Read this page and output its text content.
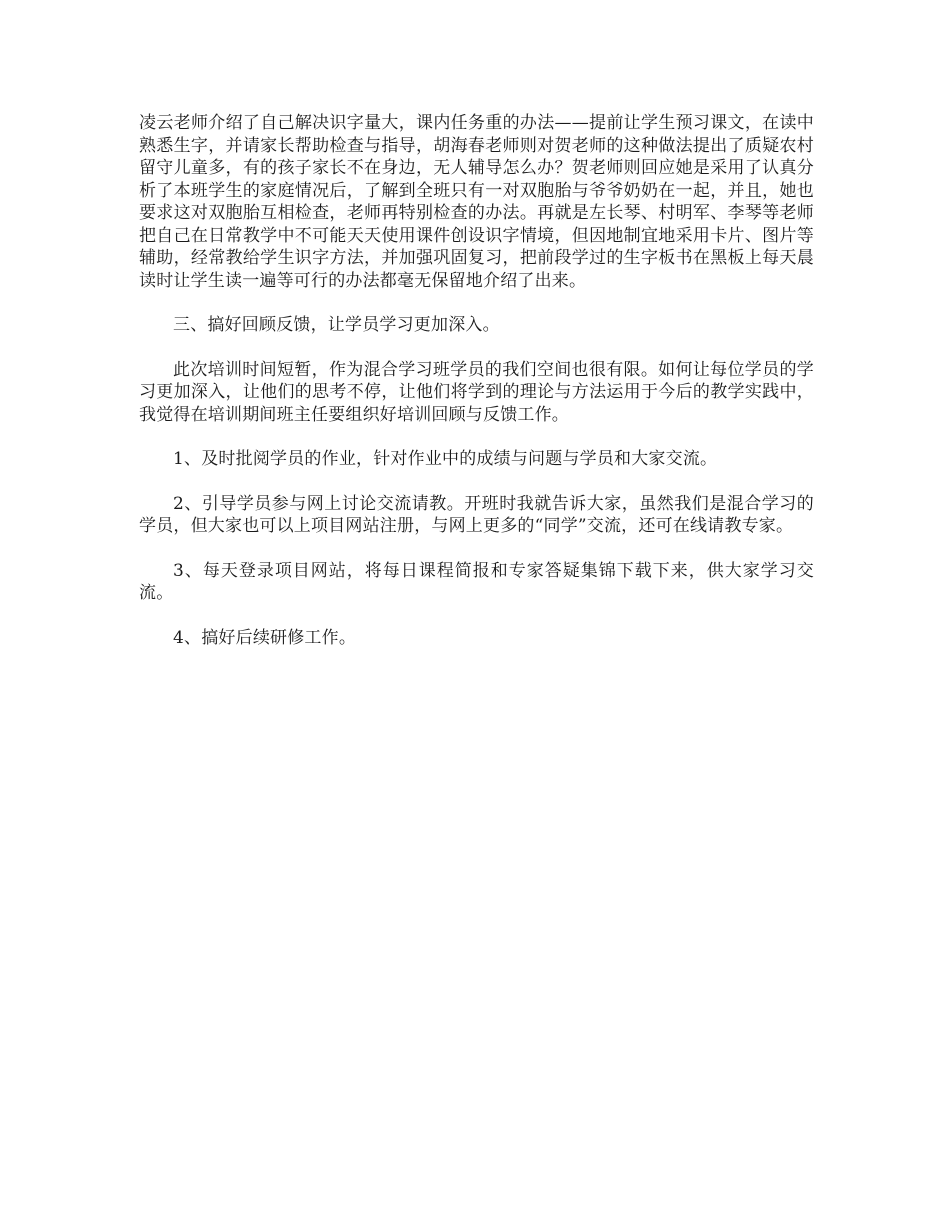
凌云老师介绍了自己解决识字量大，课内任务重的办法——提前让学生预习课文，在读中熟悉生字，并请家长帮助检查与指导，胡海春老师则对贺老师的这种做法提出了质疑农村留守儿童多，有的孩子家长不在身边，无人辅导怎么办？贺老师则回应她是采用了认真分析了本班学生的家庭情况后，了解到全班只有一对双胞胎与爷爷奶奶在一起，并且，她也要求这对双胞胎互相检查，老师再特别检查的办法。再就是左长琴、村明军、李琴等老师把自己在日常教学中不可能天天使用课件创设识字情境，但因地制宜地采用卡片、图片等辅助，经常教给学生识字方法，并加强巩固复习，把前段学过的生字板书在黑板上每天晨读时让学生读一遍等可行的办法都毫无保留地介绍了出来。

三、搞好回顾反馈，让学员学习更加深入。

此次培训时间短暂，作为混合学习班学员的我们空间也很有限。如何让每位学员的学习更加深入，让他们的思考不停，让他们将学到的理论与方法运用于今后的教学实践中，我觉得在培训期间班主任要组织好培训回顾与反馈工作。

1、及时批阅学员的作业，针对作业中的成绩与问题与学员和大家交流。

2、引导学员参与网上讨论交流请教。开班时我就告诉大家，虽然我们是混合学习的学员，但大家也可以上项目网站注册，与网上更多的“同学”交流，还可在线请教专家。

3、每天登录项目网站，将每日课程简报和专家答疑集锦下载下来，供大家学习交流。

4、搞好后续研修工作。
